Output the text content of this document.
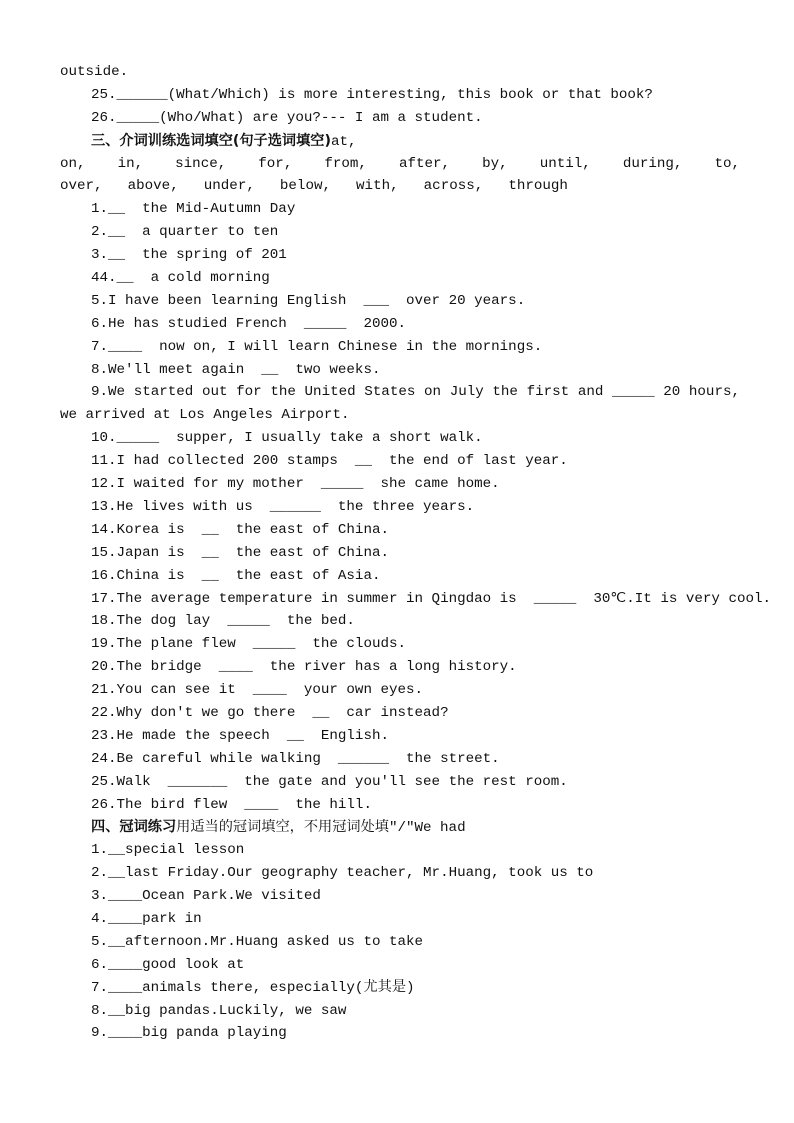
outside.
25.______(What/Which) is more interesting, this book or that book?
26._____(Who/What) are you?--- I am a student.
三、介词训练选词填空(句子选词填空)at,
on, in, since, for, from, after, by, until, during, to,
over, above, under, below, with, across, through
1.__  the Mid-Autumn Day
2.__  a quarter to ten
3.__  the spring of 201
44.__  a cold morning
5.I have been learning English  ___  over 20 years.
6.He has studied French  _____  2000.
7.____  now on, I will learn Chinese in the mornings.
8.We'll meet again  __  two weeks.
9.We started out for the United States on July the first and _____ 20 hours, we arrived at Los Angeles Airport.
10._____  supper, I usually take a short walk.
11.I had collected 200 stamps  __  the end of last year.
12.I waited for my mother  _____  she came home.
13.He lives with us  ______  the three years.
14.Korea is  __  the east of China.
15.Japan is  __  the east of China.
16.China is  __  the east of Asia.
17.The average temperature in summer in Qingdao is  _____  30℃.It is very cool.
18.The dog lay  _____  the bed.
19.The plane flew  _____  the clouds.
20.The bridge  ____  the river has a long history.
21.You can see it  ____  your own eyes.
22.Why don't we go there  __  car instead?
23.He made the speech  __  English.
24.Be careful while walking  ______  the street.
25.Walk  _______  the gate and you'll see the rest room.
26.The bird flew  ____  the hill.
四、冠词练习用适当的冠词填空，不用冠词处填"/"We had
1.__special lesson
2.__last Friday.Our geography teacher, Mr.Huang, took us to
3.____Ocean Park.We visited
4.____park in
5.__afternoon.Mr.Huang asked us to take
6.____good look at
7.____animals there, especially(尤其是)
8.__big pandas.Luckily, we saw
9.____big panda playing
